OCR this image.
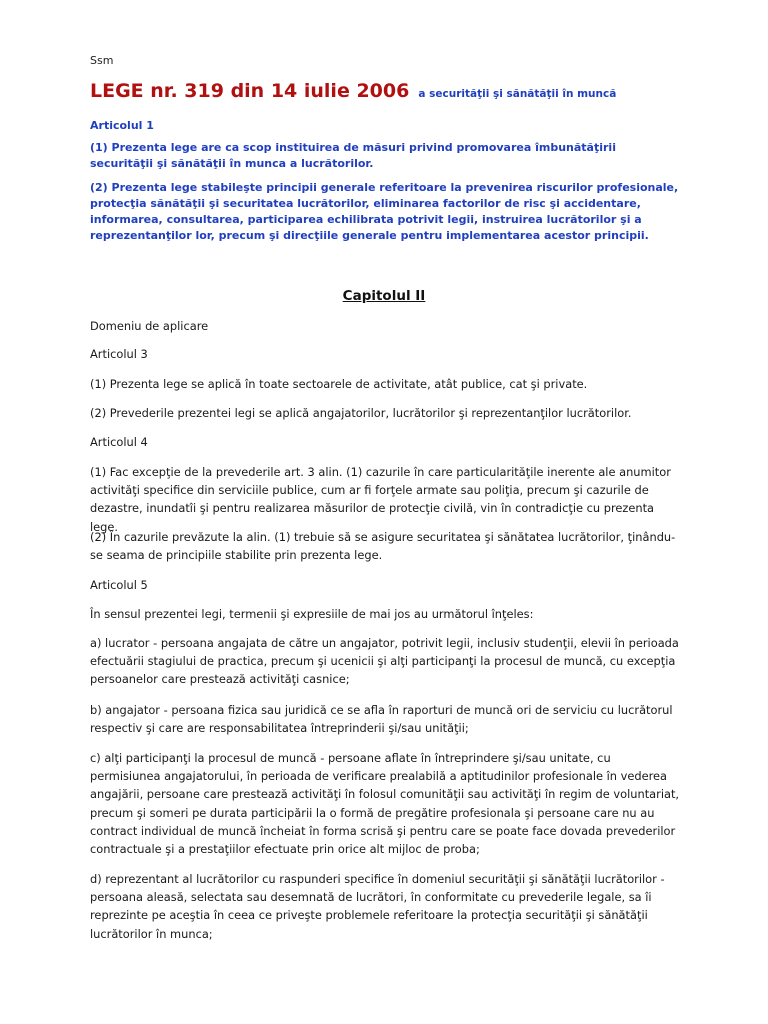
Ssm
LEGE nr. 319 din 14 iulie 2006 a securităţii şi sănătăţii în muncă
Articolul 1
(1) Prezenta lege are ca scop instituirea de măsuri privind promovarea îmbunătăţirii securităţii şi sănătăţii în munca a lucrătorilor.
(2) Prezenta lege stabileşte principii generale referitoare la prevenirea riscurilor profesionale, protecţia sănătăţii şi securitatea lucrătorilor, eliminarea factorilor de risc şi accidentare, informarea, consultarea, participarea echilibrata potrivit legii, instruirea lucrătorilor şi a reprezentanţilor lor, precum şi direcţiile generale pentru implementarea acestor principii.
Capitolul II

Domeniu de aplicare

Articolul 3

(1) Prezenta lege se aplică în toate sectoarele de activitate, atât publice, cat şi private.

(2) Prevederile prezentei legi se aplică angajatorilor, lucrătorilor şi reprezentanţilor lucrătorilor.

Articolul 4

(1) Fac excepţie de la prevederile art. 3 alin. (1) cazurile în care particularităţile inerente ale anumitor activităţi specifice din serviciile publice, cum ar fi forţele armate sau poliţia, precum şi cazurile de dezastre, inundatîi şi pentru realizarea măsurilor de protecţie civilă, vin în contradicţie cu prezenta lege.

(2) În cazurile prevăzute la alin. (1) trebuie să se asigure securitatea şi sănătatea lucrătorilor, ţinându-se seama de principiile stabilite prin prezenta lege.

Articolul 5

În sensul prezentei legi, termenii şi expresiile de mai jos au următorul înţeles:

a) lucrator - persoana angajata de către un angajator, potrivit legii, inclusiv studenţii, elevii în perioada efectuării stagiului de practica, precum şi ucenicii şi alţi participanţi la procesul de muncă, cu excepţia persoanelor care prestează activităţi casnice;

b) angajator - persoana fizica sau juridică ce se afla în raporturi de muncă ori de serviciu cu lucrătorul respectiv şi care are responsabilitatea întreprinderii şi/sau unităţii;

c) alţi participanţi la procesul de muncă - persoane aflate în întreprindere şi/sau unitate, cu permisiunea angajatorului, în perioada de verificare prealabilă a aptitudinilor profesionale în vederea angajării, persoane care prestează activităţi în folosul comunităţii sau activităţi în regim de voluntariat, precum şi someri pe durata participării la o formă de pregătire profesionala şi persoane care nu au contract individual de muncă încheiat în forma scrisă şi pentru care se poate face dovada prevederilor contractuale şi a prestaţiilor efectuate prin orice alt mijloc de proba;

d) reprezentant al lucrătorilor cu raspunderi specifice în domeniul securităţii şi sănătăţii lucrătorilor - persoana aleasă, selectata sau desemnată de lucrători, în conformitate cu prevederile legale, sa îi reprezinte pe aceştia în ceea ce priveşte problemele referitoare la protecţia securităţii şi sănătăţii lucrătorilor în munca;
